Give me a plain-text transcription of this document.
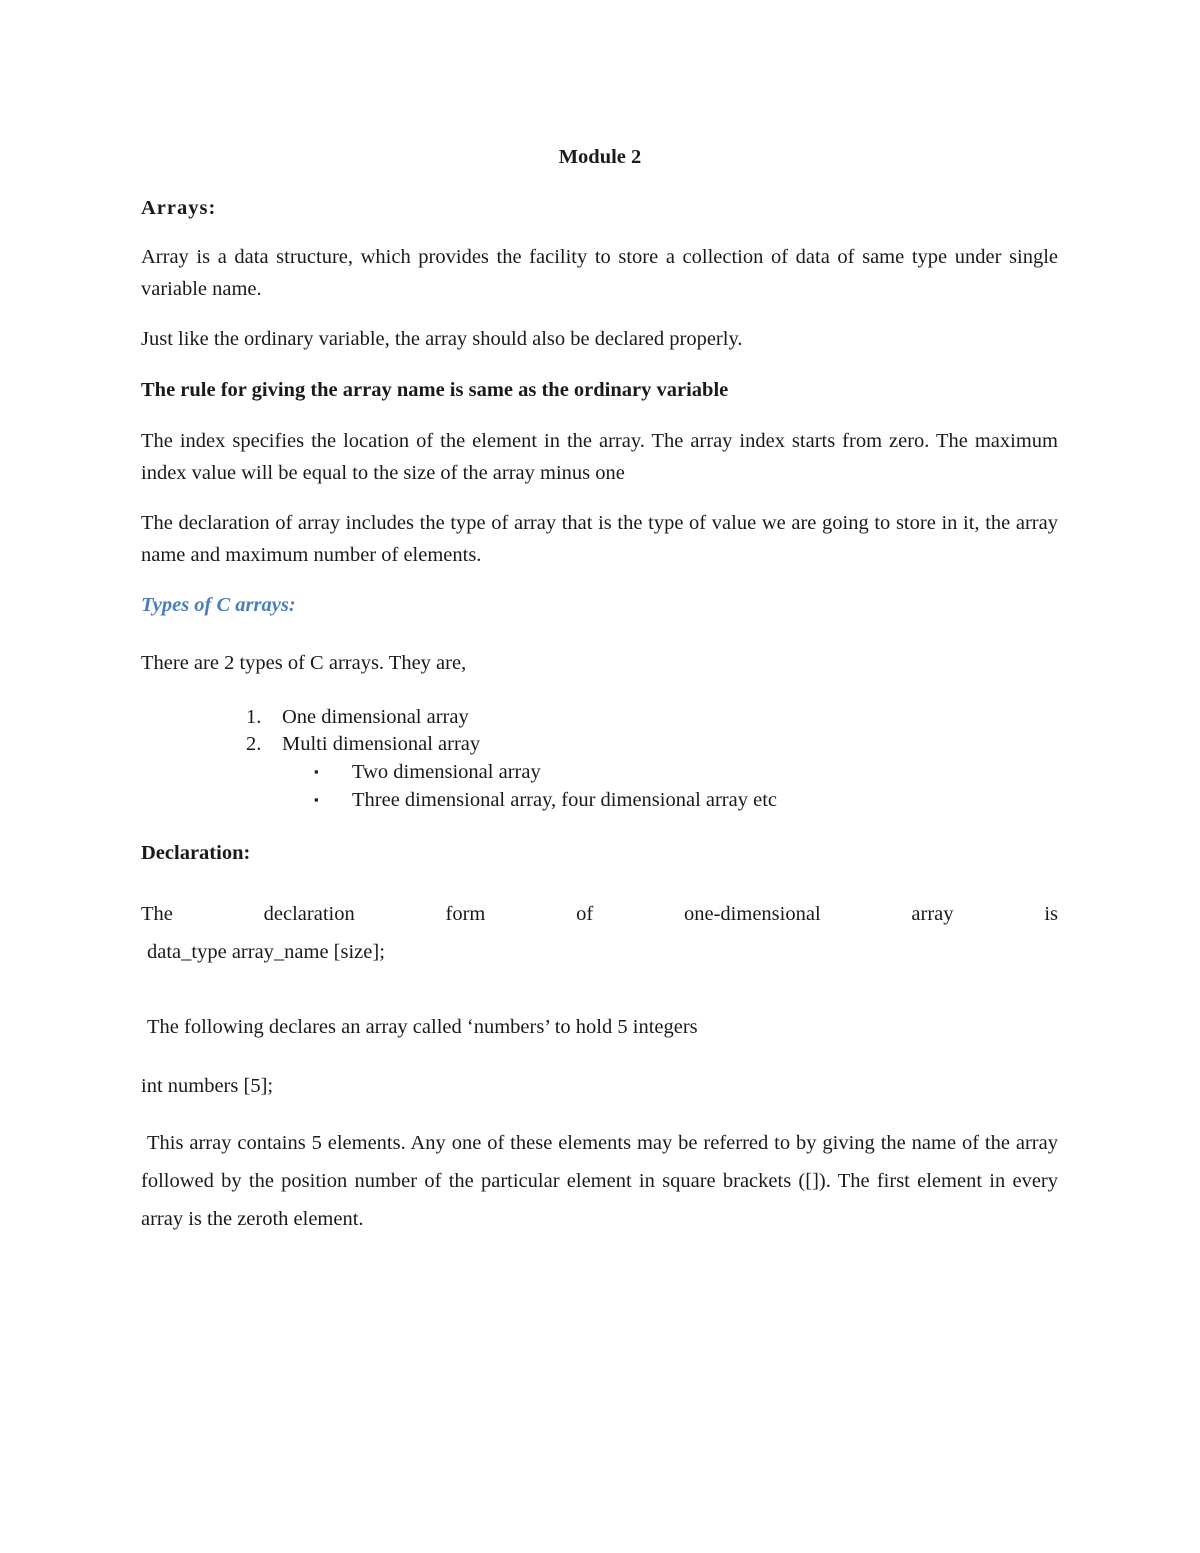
Module 2

Arrays:

Array is a data structure, which provides the facility to store a collection of data of same type under single variable name.

Just like the ordinary variable, the array should also be declared properly.

The rule for giving the array name is same as the ordinary variable

The index specifies the location of the element in the array. The array index starts from zero. The maximum index value will be equal to the size of the array minus one

The declaration of array includes the type of array that is the type of value we are going to store in it, the array name and maximum number of elements.

Types of C arrays:

There are 2 types of C arrays. They are,

1. One dimensional array
2. Multi dimensional array
▪ Two dimensional array
▪ Three dimensional array, four dimensional array etc

Declaration:

The	declaration	form	of	one-dimensional	array	is

data_type array_name [size];

The following declares an array called ‘numbers’ to hold 5 integers

int numbers [5];

This array contains 5 elements. Any one of these elements may be referred to by giving the name of the array followed by the position number of the particular element in square brackets ([]). The first element in every array is the zeroth element.
